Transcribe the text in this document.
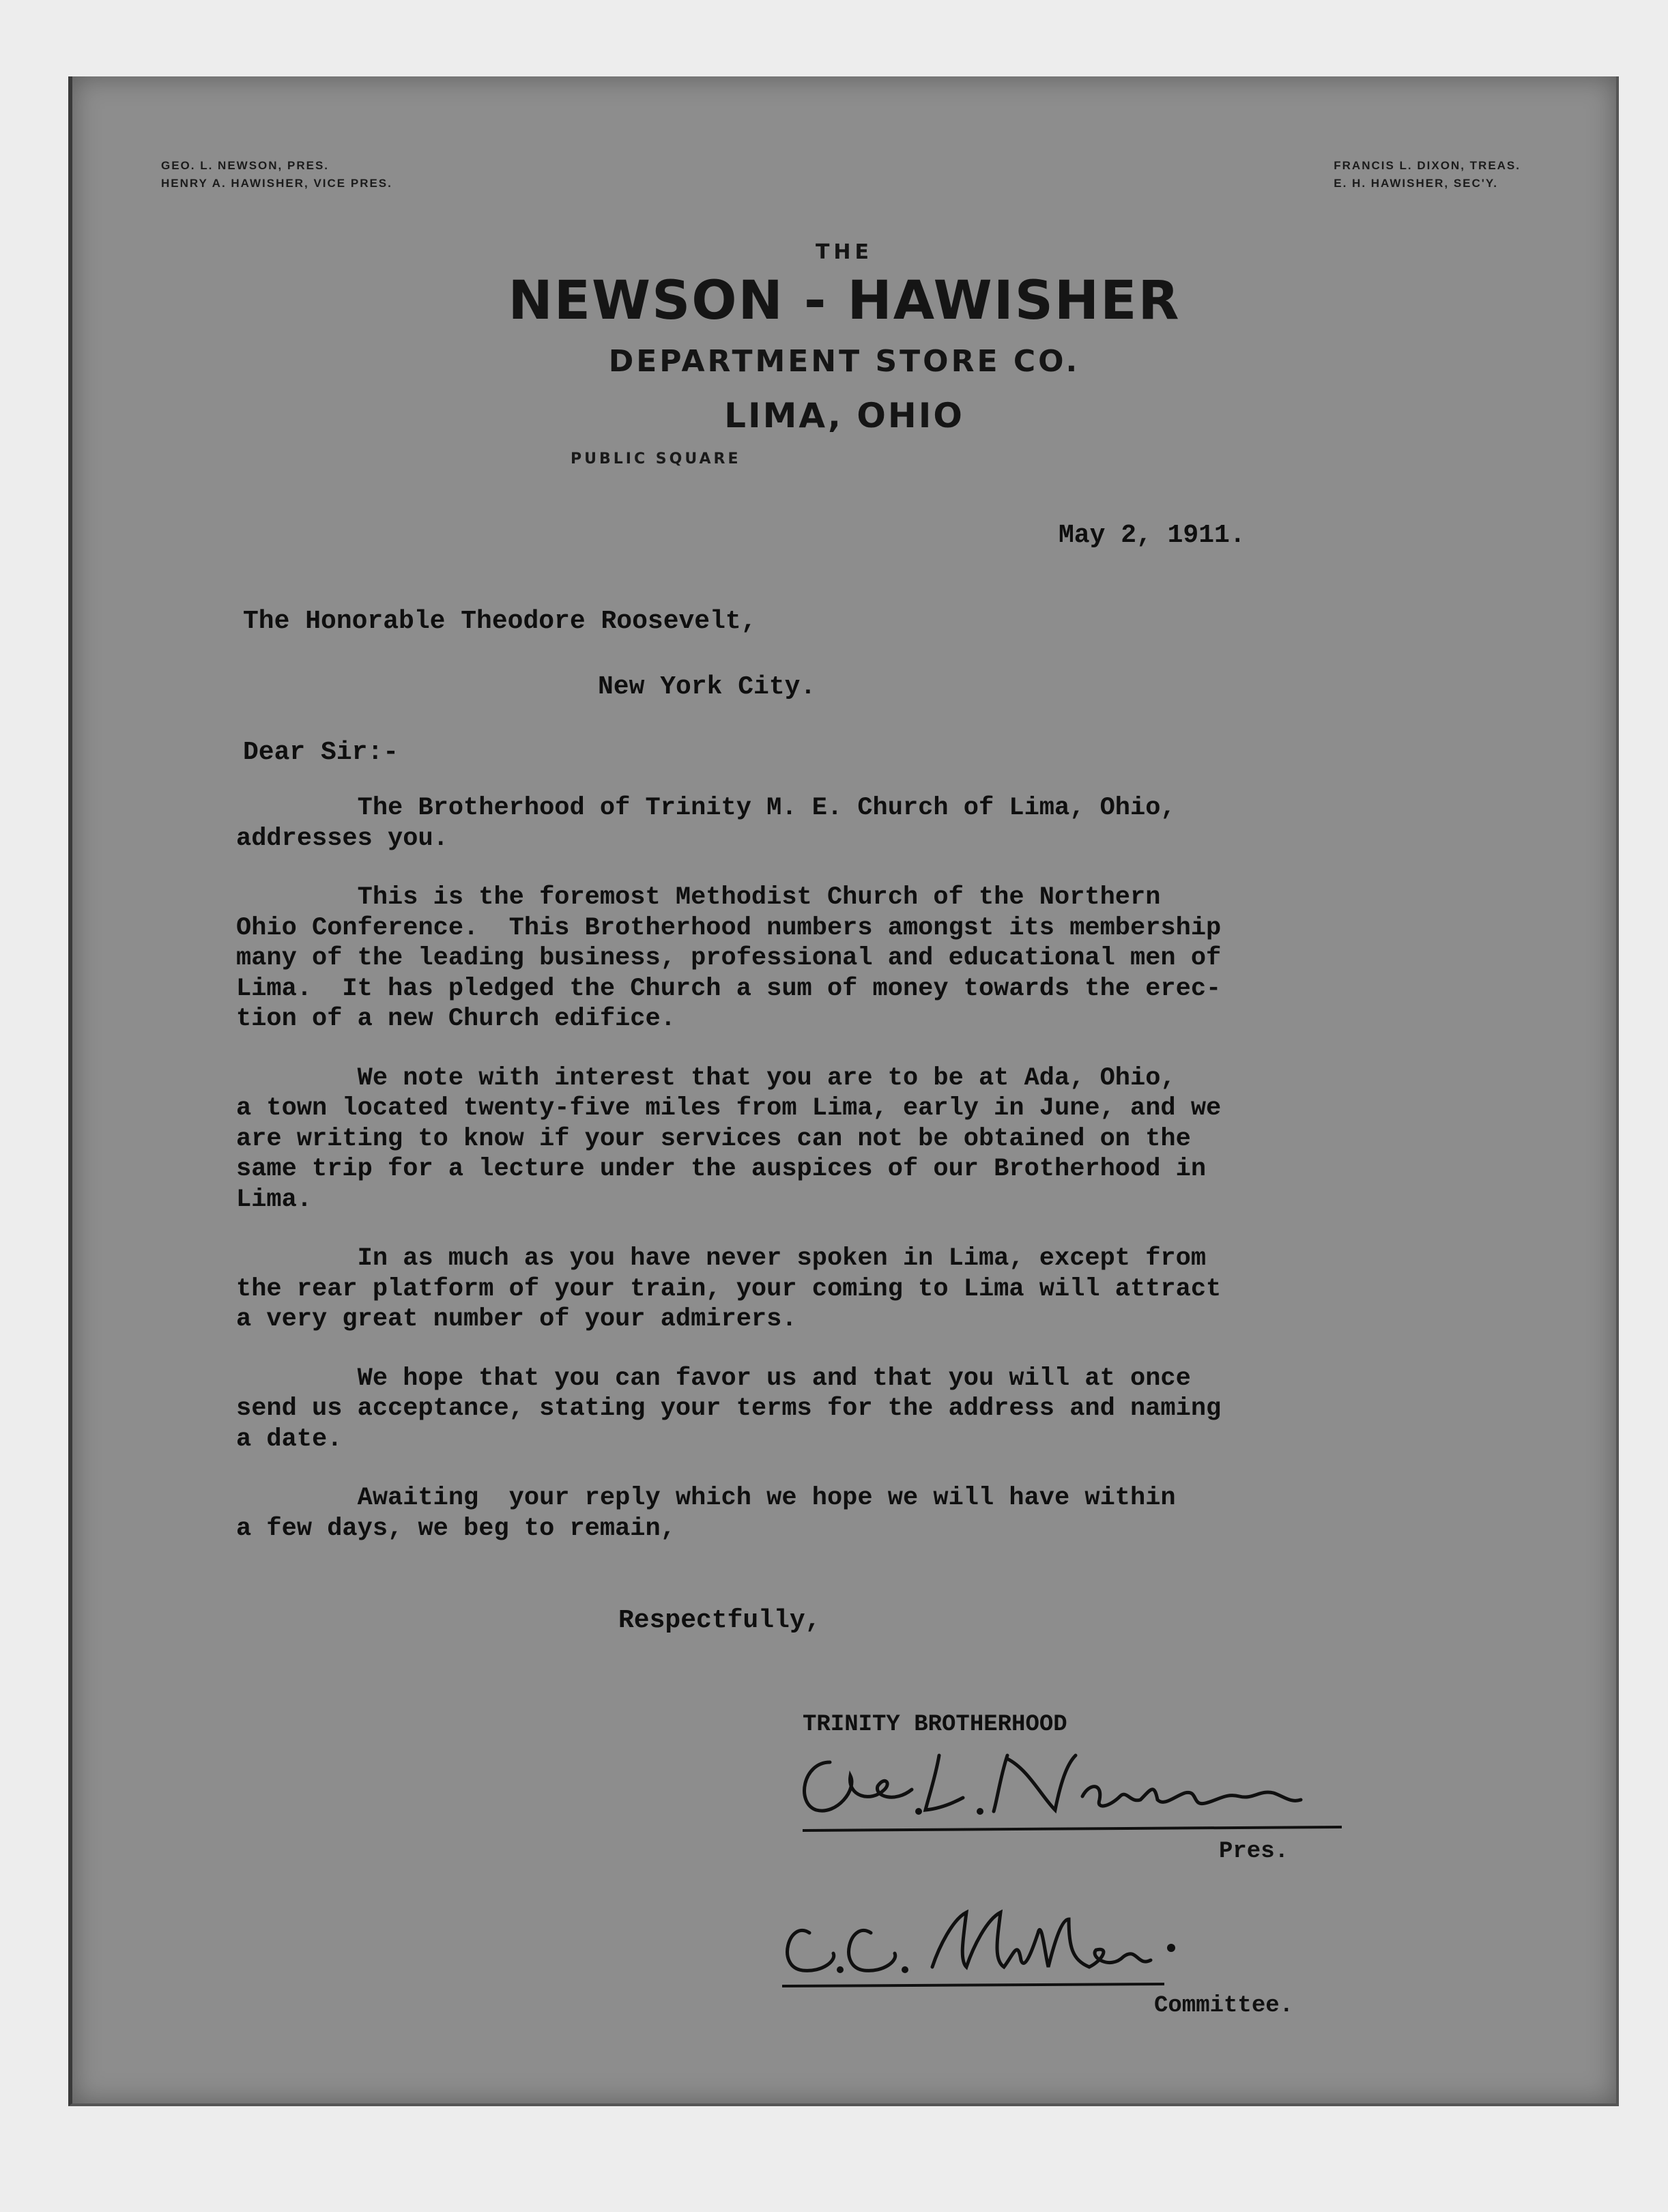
GEO. L. NEWSON, PRES.
HENRY A. HAWISHER, VICE PRES.
FRANCIS L. DIXON, TREAS.
E. H. HAWISHER, SEC'Y.
THE
NEWSON - HAWISHER
DEPARTMENT STORE CO.
LIMA, OHIO
PUBLIC SQUARE
May 2, 1911.
The Honorable Theodore Roosevelt,
New York City.
Dear Sir:-

The Brotherhood of Trinity M. E. Church of Lima, Ohio,
addresses you.

This is the foremost Methodist Church of the Northern
Ohio Conference.  This Brotherhood numbers amongst its membership
many of the leading business, professional and educational men of
Lima.  It has pledged the Church a sum of money towards the erec-
tion of a new Church edifice.

We note with interest that you are to be at Ada, Ohio,
a town located twenty-five miles from Lima, early in June, and we
are writing to know if your services can not be obtained on the
same trip for a lecture under the auspices of our Brotherhood in
Lima.

In as much as you have never spoken in Lima, except from
the rear platform of your train, your coming to Lima will attract
a very great number of your admirers.

We hope that you can favor us and that you will at once
send us acceptance, stating your terms for the address and naming
a date.

Awaiting  your reply which we hope we will have within
a few days, we beg to remain,

Respectfully,
TRINITY BROTHERHOOD
Pres.
Committee.
